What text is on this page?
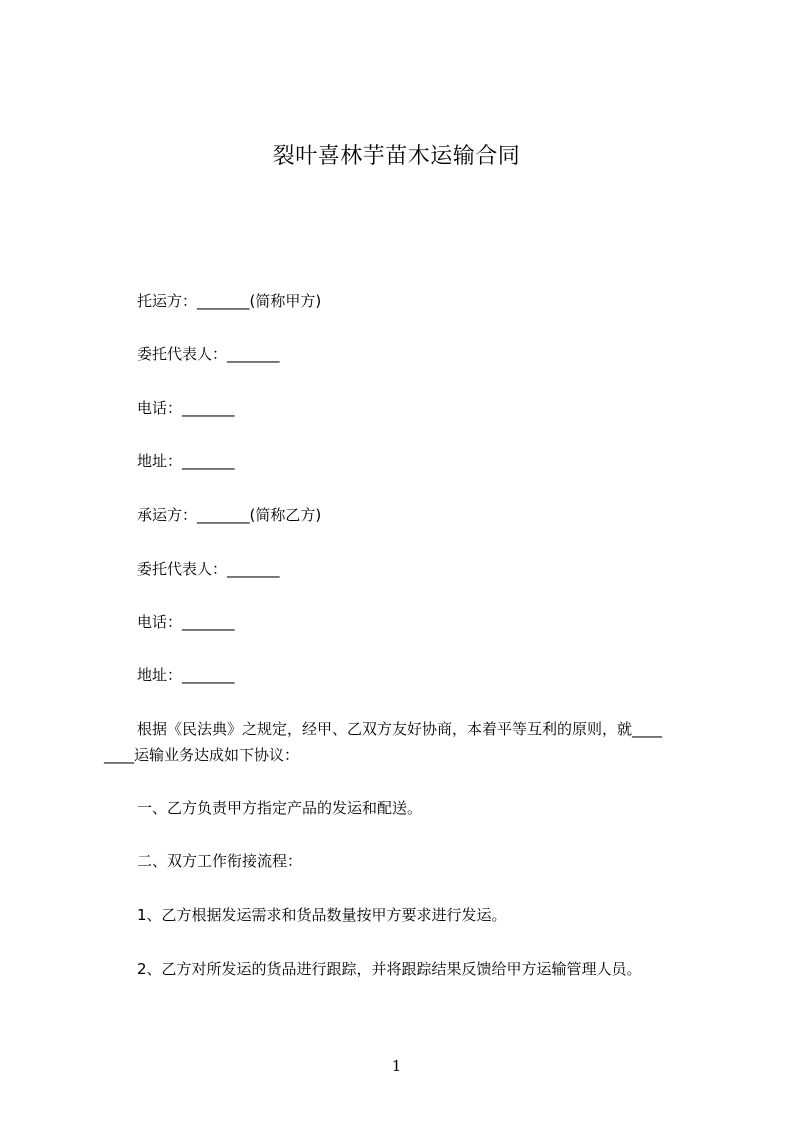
裂叶喜林芋苗木运输合同
托运方：_______(简称甲方)
委托代表人：_______
电话：_______
地址：_______
承运方：_______(简称乙方)
委托代表人：_______
电话：_______
地址：_______
根据《民法典》之规定，经甲、乙双方友好协商，本着平等互利的原则，就____
____运输业务达成如下协议：
一、乙方负责甲方指定产品的发运和配送。
二、双方工作衔接流程：
1、乙方根据发运需求和货品数量按甲方要求进行发运。
2、乙方对所发运的货品进行跟踪，并将跟踪结果反馈给甲方运输管理人员。
1
